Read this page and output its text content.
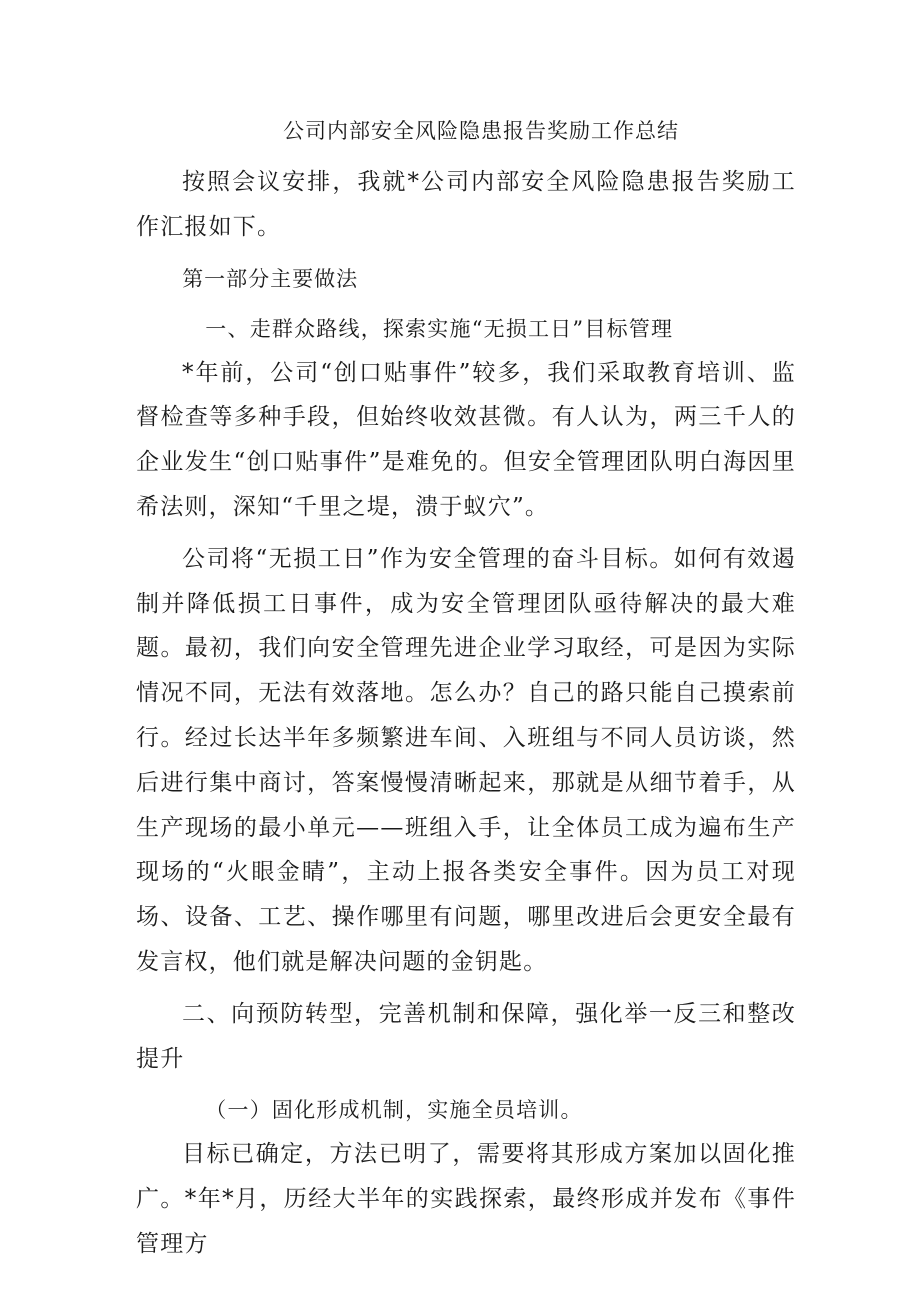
公司内部安全风险隐患报告奖励工作总结

按照会议安排，我就*公司内部安全风险隐患报告奖励工作汇报如下。

第一部分主要做法

一、走群众路线，探索实施“无损工日”目标管理

*年前，公司“创口贴事件”较多，我们采取教育培训、监督检查等多种手段，但始终收效甚微。有人认为，两三千人的企业发生“创口贴事件”是难免的。但安全管理团队明白海因里希法则，深知“千里之堤，溃于蚁穴”。

公司将“无损工日”作为安全管理的奋斗目标。如何有效遏制并降低损工日事件，成为安全管理团队亟待解决的最大难题。最初，我们向安全管理先进企业学习取经，可是因为实际情况不同，无法有效落地。怎么办？自己的路只能自己摸索前行。经过长达半年多频繁进车间、入班组与不同人员访谈，然后进行集中商讨，答案慢慢清晰起来，那就是从细节着手，从生产现场的最小单元——班组入手，让全体员工成为遍布生产现场的“火眼金睛”，主动上报各类安全事件。因为员工对现场、设备、工艺、操作哪里有问题，哪里改进后会更安全最有发言权，他们就是解决问题的金钥匙。

二、向预防转型，完善机制和保障，强化举一反三和整改提升

（一）固化形成机制，实施全员培训。

目标已确定，方法已明了，需要将其形成方案加以固化推广。*年*月，历经大半年的实践探索，最终形成并发布《事件管理方
